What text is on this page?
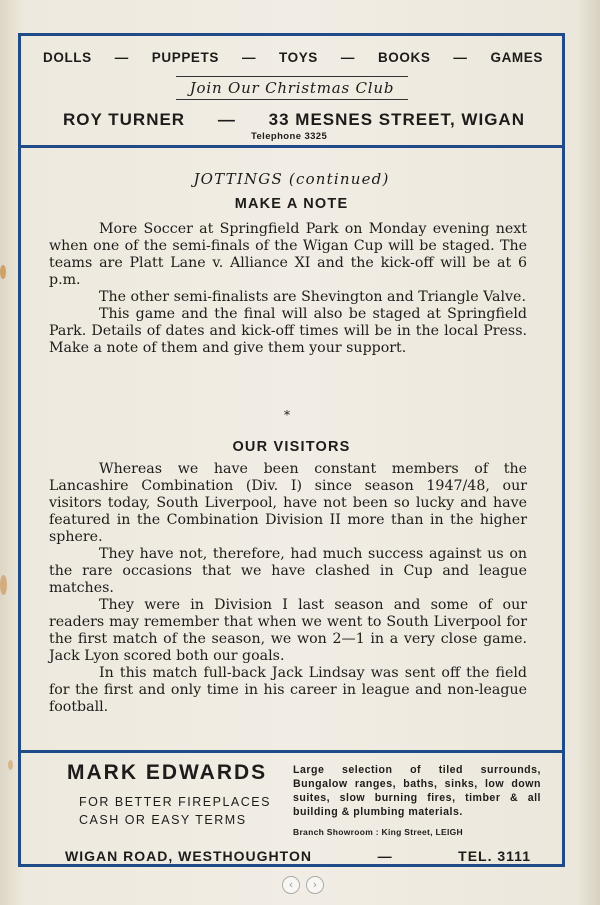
DOLLS — PUPPETS — TOYS — BOOKS — GAMES
Join Our Christmas Club
ROY TURNER — 33 MESNES STREET, WIGAN
Telephone 3325
JOTTINGS (continued)
MAKE A NOTE

More Soccer at Springfield Park on Monday evening next when one of the semi-finals of the Wigan Cup will be staged. The teams are Platt Lane v. Alliance XI and the kick-off will be at 6 p.m.

The other semi-finalists are Shevington and Triangle Valve.

This game and the final will also be staged at Springfield Park. Details of dates and kick-off times will be in the local Press. Make a note of them and give them your support.

*
OUR VISITORS

Whereas we have been constant members of the Lancashire Combination (Div. I) since season 1947/48, our visitors today, South Liverpool, have not been so lucky and have featured in the Combination Division II more than in the higher sphere.

They have not, therefore, had much success against us on the rare occasions that we have clashed in Cup and league matches.

They were in Division I last season and some of our readers may remember that when we went to South Liverpool for the first match of the season, we won 2—1 in a very close game. Jack Lyon scored both our goals.

In this match full-back Jack Lindsay was sent off the field for the first and only time in his career in league and non-league football.

MARK EDWARDS
FOR BETTER FIREPLACES
CASH OR EASY TERMS
Large selection of tiled surrounds, Bungalow ranges, baths, sinks, low down suites, slow burning fires, timber & all building & plumbing materials.
Branch Showroom : King Street, LEIGH
WIGAN ROAD, WESTHOUGHTON	—	TEL. 3111
‹	›
